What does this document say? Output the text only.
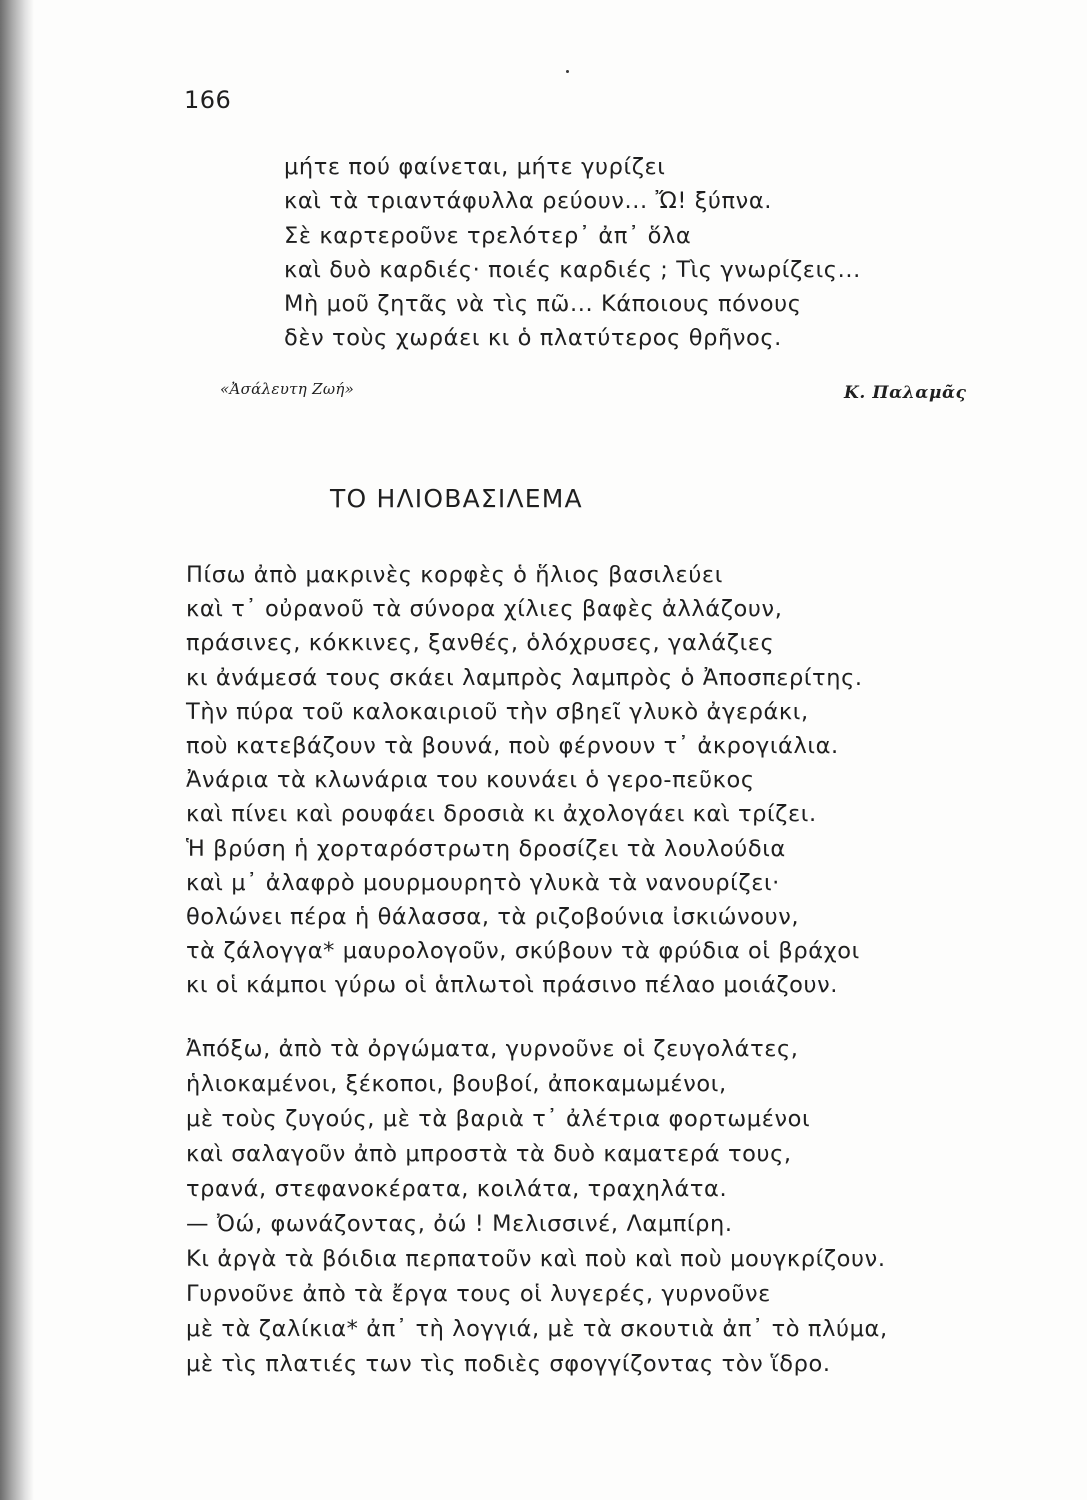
166
μήτε πού φαίνεται, μήτε γυρίζει
καὶ τὰ τριαντάφυλλα ρεύουν... Ὤ! ξύπνα.
Σὲ καρτεροῦνε τρελότερ᾽ ἀπ᾽ ὅλα
καὶ δυὸ καρδιές· ποιές καρδιές ; Τὶς γνωρίζεις...
Μὴ μοῦ ζητᾶς νὰ τὶς πῶ... Κάποιους πόνους
δὲν τοὺς χωράει κι ὁ πλατύτερος θρῆνος.
«Ἀσάλευτη Ζωή»	Κ. Παλαμᾶς
ΤΟ ΗΛΙΟΒΑΣΙΛΕΜΑ
Πίσω ἀπὸ μακρινὲς κορφὲς ὁ ἥλιος βασιλεύει
καὶ τ᾽ οὐρανοῦ τὰ σύνορα χίλιες βαφὲς ἀλλάζουν,
πράσινες, κόκκινες, ξανθές, ὁλόχρυσες, γαλάζιες
κι ἀνάμεσά τους σκάει λαμπρὸς λαμπρὸς ὁ Ἀποσπερίτης.
Τὴν πύρα τοῦ καλοκαιριοῦ τὴν σβηεῖ γλυκὸ ἀγεράκι,
ποὺ κατεβάζουν τὰ βουνά, ποὺ φέρνουν τ᾽ ἀκρογιάλια.
Ἀνάρια τὰ κλωνάρια του κουνάει ὁ γερο-πεῦκος
καὶ πίνει καὶ ρουφάει δροσιὰ κι ἀχολογάει καὶ τρίζει.
Ἡ βρύση ἡ χορταρόστρωτη δροσίζει τὰ λουλούδια
καὶ μ᾽ ἀλαφρὸ μουρμουρητὸ γλυκὰ τὰ νανουρίζει·
θολώνει πέρα ἡ θάλασσα, τὰ ριζοβούνια ἰσκιώνουν,
τὰ ζάλογγα* μαυρολογοῦν, σκύβουν τὰ φρύδια οἱ βράχοι
κι οἱ κάμποι γύρω οἱ ἁπλωτοὶ πράσινο πέλαο μοιάζουν.
Ἀπόξω, ἀπὸ τὰ ὀργώματα, γυρνοῦνε οἱ ζευγολάτες,
ἡλιοκαμένοι, ξέκοποι, βουβοί, ἀποκαμωμένοι,
μὲ τοὺς ζυγούς, μὲ τὰ βαριὰ τ᾽ ἀλέτρια φορτωμένοι
καὶ σαλαγοῦν ἀπὸ μπροστὰ τὰ δυὸ καματερά τους,
τρανά, στεφανοκέρατα, κοιλάτα, τραχηλάτα.
— Ὀώ, φωνάζοντας, ὀώ ! Μελισσινέ, Λαμπίρη.
Κι ἀργὰ τὰ βόιδια περπατοῦν καὶ ποὺ καὶ ποὺ μουγκρίζουν.
Γυρνοῦνε ἀπὸ τὰ ἔργα τους οἱ λυγερές, γυρνοῦνε
μὲ τὰ ζαλίκια* ἀπ᾽ τὴ λογγιά, μὲ τὰ σκουτιὰ ἀπ᾽ τὸ πλύμα,
μὲ τὶς πλατιές των τὶς ποδιὲς σφογγίζοντας τὸν ἵδρο.
